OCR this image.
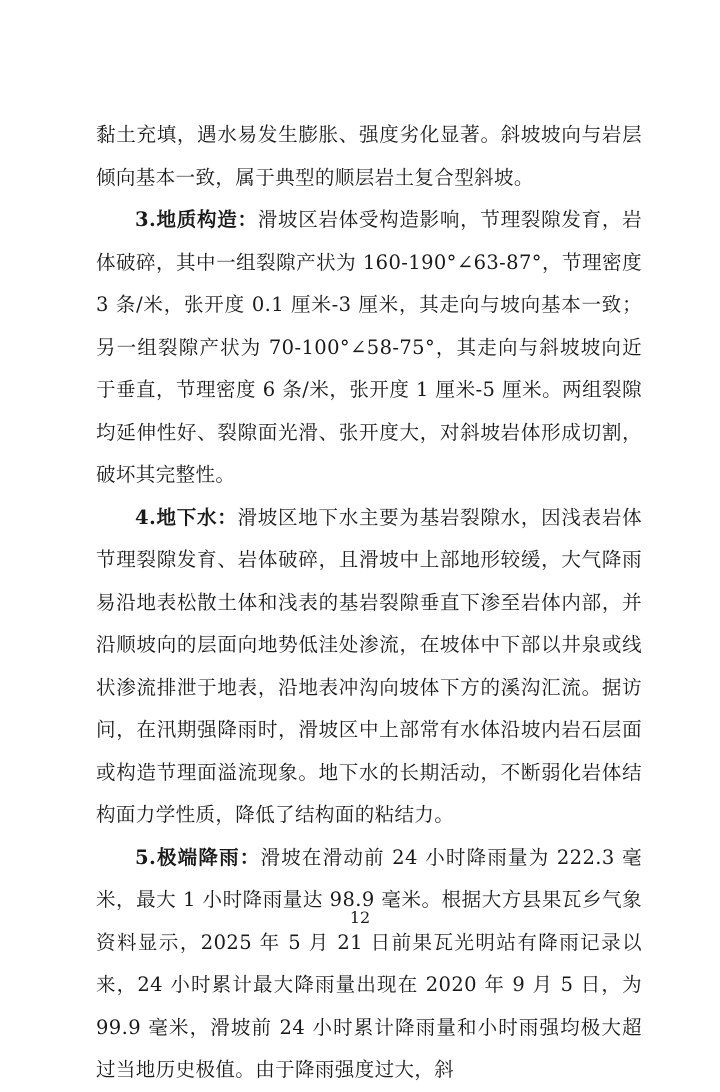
黏土充填，遇水易发生膨胀、强度劣化显著。斜坡坡向与岩层倾向基本一致，属于典型的顺层岩土复合型斜坡。

3.地质构造：滑坡区岩体受构造影响，节理裂隙发育，岩体破碎，其中一组裂隙产状为 160-190°∠63-87°，节理密度 3 条/米，张开度 0.1 厘米-3 厘米，其走向与坡向基本一致；另一组裂隙产状为 70-100°∠58-75°，其走向与斜坡坡向近于垂直，节理密度 6 条/米，张开度 1 厘米-5 厘米。两组裂隙均延伸性好、裂隙面光滑、张开度大，对斜坡岩体形成切割，破坏其完整性。

4.地下水：滑坡区地下水主要为基岩裂隙水，因浅表岩体节理裂隙发育、岩体破碎，且滑坡中上部地形较缓，大气降雨易沿地表松散土体和浅表的基岩裂隙垂直下渗至岩体内部，并沿顺坡向的层面向地势低洼处渗流，在坡体中下部以井泉或线状渗流排泄于地表，沿地表冲沟向坡体下方的溪沟汇流。据访问，在汛期强降雨时，滑坡区中上部常有水体沿坡内岩石层面或构造节理面溢流现象。地下水的长期活动，不断弱化岩体结构面力学性质，降低了结构面的粘结力。

5.极端降雨：滑坡在滑动前 24 小时降雨量为 222.3 毫米，最大 1 小时降雨量达 98.9 毫米。根据大方县果瓦乡气象资料显示，2025 年 5 月 21 日前果瓦光明站有降雨记录以来，24 小时累计最大降雨量出现在 2020 年 9 月 5 日，为 99.9 毫米，滑坡前 24 小时累计降雨量和小时雨强均极大超过当地历史极值。由于降雨强度过大，斜

12
